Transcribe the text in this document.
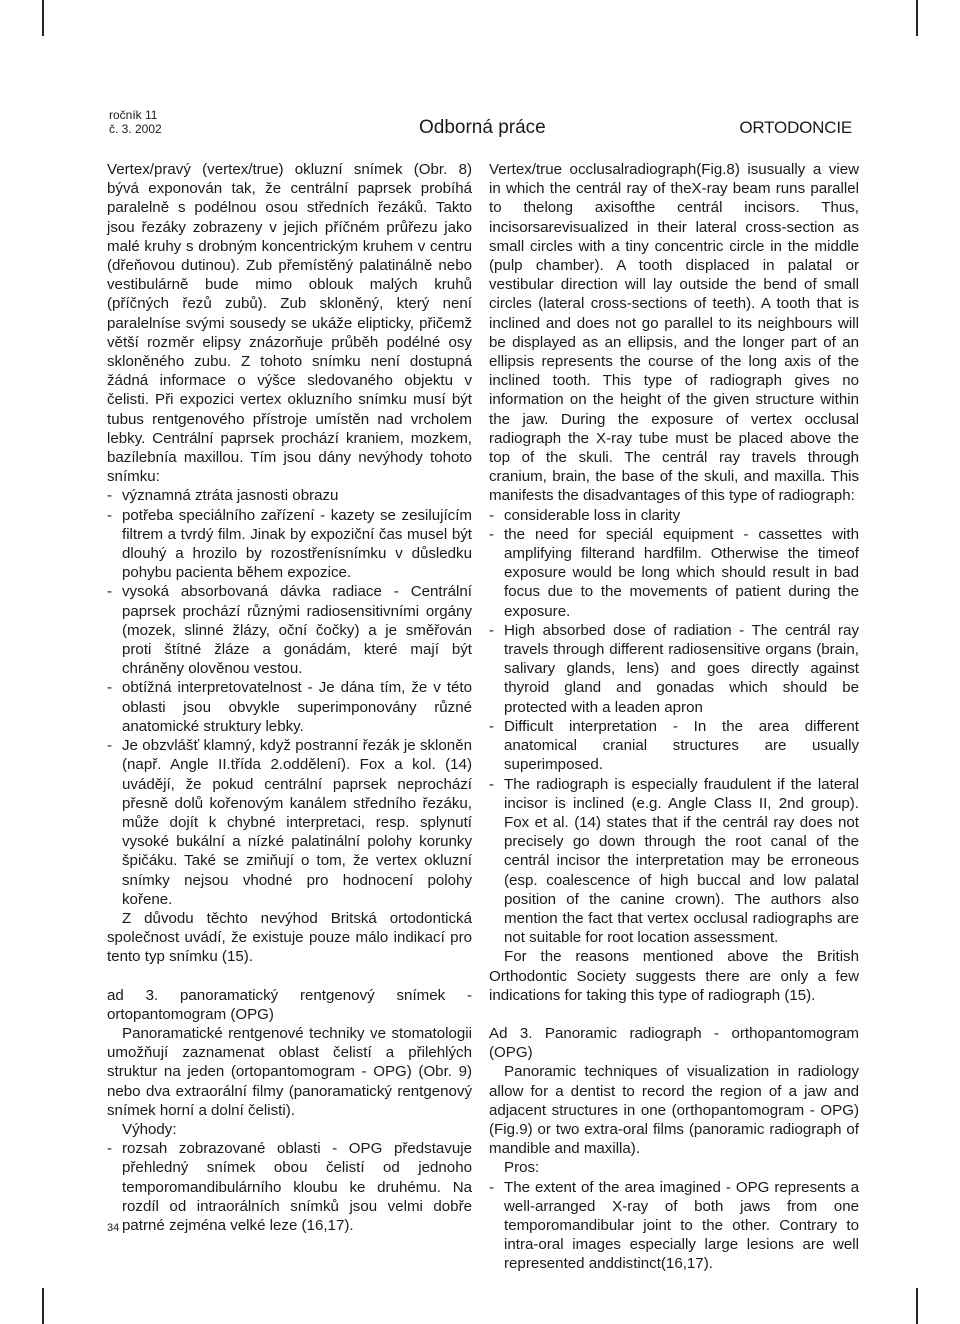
ročník 11
č. 3. 2002	Odborná práce	ORTODONCIE

Vertex/pravý (vertex/true) okluzní snímek (Obr. 8) bývá exponován tak, že centrální paprsek probíhá paralelně s podélnou osou středních řezáků. Takto jsou řezáky zobrazeny v jejich příčném průřezu jako malé kruhy s drobným koncentrickým kruhem v centru (dřeňovou dutinou). Zub přemístěný palatinálně nebo vestibulárně bude mimo oblouk malých kruhů (příčných řezů zubů). Zub skloněný, který není paralelníse svými sousedy se ukáže elipticky, přičemž větší rozměr elipsy znázorňuje průběh podélné osy skloněného zubu. Z tohoto snímku není dostupná žádná informace o výšce sledovaného objektu v čelisti. Při expozici vertex okluzního snímku musí být tubus rentgenového přístroje umístěn nad vrcholem lebky. Centrální paprsek prochází kraniem, mozkem, bazílebnía maxillou. Tím jsou dány nevýhody tohoto snímku:

- významná ztráta jasnosti obrazu

- potřeba speciálního zařízení - kazety se zesilujícím filtrem a tvrdý film. Jinak by expoziční čas musel být dlouhý a hrozilo by rozostřenísnímku v důsledku pohybu pacienta během expozice.

- vysoká absorbovaná dávka radiace - Centrální paprsek prochází různými radiosensitivními orgány (mozek, slinné žlázy, oční čočky) a je směřován proti štítné žláze a gonádám, které mají být chráněny olověnou vestou.

- obtížná interpretovatelnost - Je dána tím, že v této oblasti jsou obvykle superimponovány různé anatomické struktury lebky.

- Je obzvlášť klamný, když postranní řezák je skloněn (např. Angle II.třída 2.oddělení). Fox a kol. (14) uvádějí, že pokud centrální paprsek neprochází přesně dolů kořenovým kanálem středního řezáku, může dojít k chybné interpretaci, resp. splynutí vysoké bukální a nízké palatinální polohy korunky špičáku. Také se zmiňují o tom, že vertex okluzní snímky nejsou vhodné pro hodnocení polohy kořene.

Z důvodu těchto nevýhod Britská ortodontická společnost uvádí, že existuje pouze málo indikací pro tento typ snímku (15).

ad 3. panoramatický rentgenový snímek - ortopantomogram (OPG)

Panoramatické rentgenové techniky ve stomatologii umožňují zaznamenat oblast čelistí a přilehlých struktur na jeden (ortopantomogram - OPG) (Obr. 9) nebo dva extraorální filmy (panoramatický rentgenový snímek horní a dolní čelisti).

Výhody:

- rozsah zobrazované oblasti - OPG představuje přehledný snímek obou čelistí od jednoho temporomandibulárního kloubu ke druhému. Na rozdíl od intraorálních snímků jsou velmi dobře patrné zejména velké leze (16,17).

Vertex/true occlusalradiograph(Fig.8) isusually a view in which the centrál ray of theX-ray beam runs parallel to thelong axisofthe centrál incisors. Thus, incisorsarevisualized in their lateral cross-section as small circles with a tiny concentric circle in the middle (pulp chamber). A tooth displaced in palatal or vestibular direction will lay outside the bend of small circles (lateral cross-sections of teeth). A tooth that is inclined and does not go parallel to its neighbours will be displayed as an ellipsis, and the longer part of an ellipsis represents the course of the long axis of the inclined tooth. This type of radiograph gives no information on the height of the given structure within the jaw. During the exposure of vertex occlusal radiograph the X-ray tube must be placed above the top of the skuli. The centrál ray travels through cranium, brain, the base of the skuli, and maxilla. This manifests the disadvantages of this type of radiograph:

- considerable loss in clarity

- the need for speciál equipment - cassettes with amplifying filterand hardfilm. Otherwise the timeof exposure would be long which should result in bad focus due to the movements of patient during the exposure.

- High absorbed dose of radiation - The centrál ray travels through different radiosensitive organs (brain, salivary glands, lens) and goes directly against thyroid gland and gonadas which should be protected with a leaden apron

- Difficult interpretation - In the area different anatomical cranial structures are usually superimposed.

- The radiograph is especially fraudulent if the lateral incisor is inclined (e.g. Angle Class II, 2nd group). Fox et al. (14) states that if the centrál ray does not precisely go down through the root canal of the centrál incisor the interpretation may be erroneous (esp. coalescence of high buccal and low palatal position of the canine crown). The authors also mention the fact that vertex occlusal radiographs are not suitable for root location assessment.

For the reasons mentioned above the British Orthodontic Society suggests there are only a few indications for taking this type of radiograph (15).

Ad 3. Panoramic radiograph - orthopantomogram (OPG)

Panoramic techniques of visualization in radiology allow for a dentist to record the region of a jaw and adjacent structures in one (orthopantomogram - OPG) (Fig.9) or two extra-oral films (panoramic radiograph of mandible and maxilla).

Pros:

- The extent of the area imagined - OPG represents a well-arranged X-ray of both jaws from one temporomandibular joint to the other. Contrary to intra-oral images especially large lesions are well represented anddistinct(16,17).

34
